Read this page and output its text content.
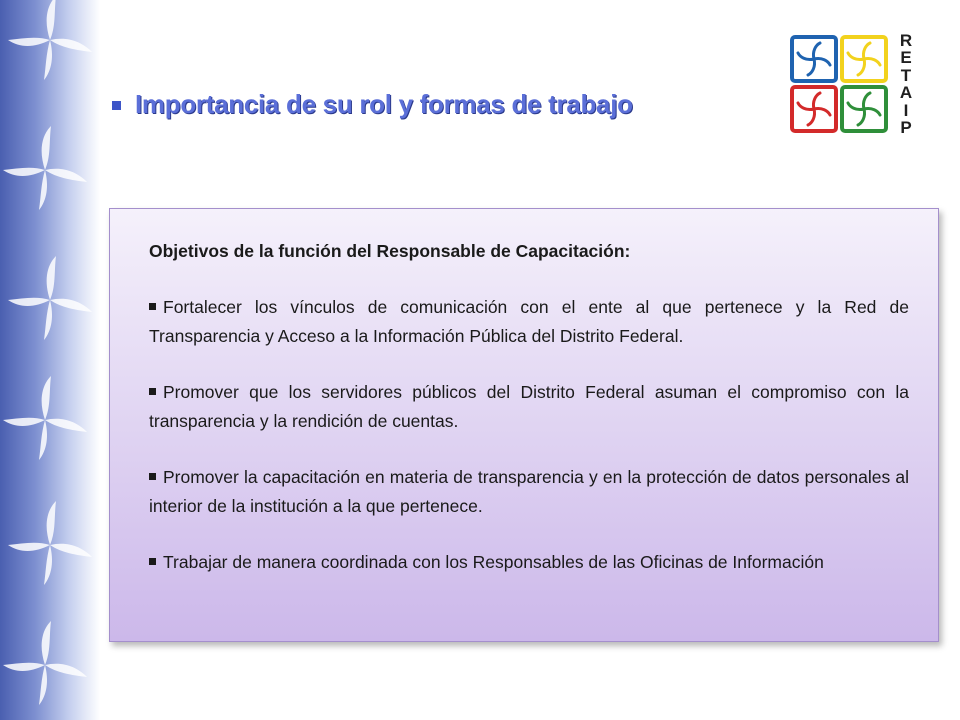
Importancia de su rol y formas de trabajo
R
E
T
A
I
P

Objetivos de la función del Responsable de Capacitación:

Fortalecer los vínculos de comunicación con el ente al que pertenece y la Red de Transparencia y Acceso a la Información Pública del Distrito Federal.

Promover que los servidores públicos del Distrito Federal asuman el compromiso con la transparencia y la rendición de cuentas.

Promover la capacitación en materia de transparencia y en la protección de datos personales al interior de la institución a la que pertenece.

Trabajar de manera coordinada con los Responsables de las Oficinas de Información
